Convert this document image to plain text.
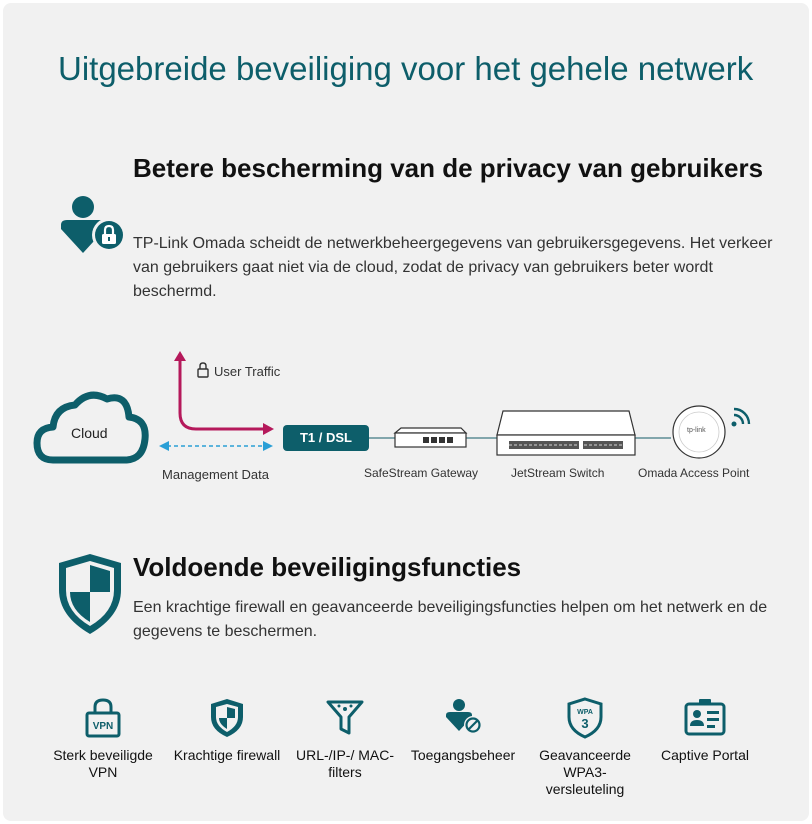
Uitgebreide beveiliging voor het gehele netwerk
Betere bescherming van de privacy van gebruikers

TP-Link Omada scheidt de netwerkbeheergegevens van gebruikersgegevens. Het verkeer van gebruikers gaat niet via de cloud, zodat de privacy van gebruikers beter wordt beschermd.

Cloud
User Traffic
Management Data
T1 / DSL
SafeStream Gateway	JetStream Switch	Omada Access Point
tp-link
Voldoende beveiligingsfuncties

Een krachtige firewall en geavanceerde beveiligingsfuncties helpen om het netwerk en de gegevens te beschermen.

VPN
Sterk beveiligde VPN
Krachtige firewall	URL-/IP-/ MAC- filters
Toegangsbeheer
WPA
3
Geavanceerde WPA3-versleuteling
Captive Portal
